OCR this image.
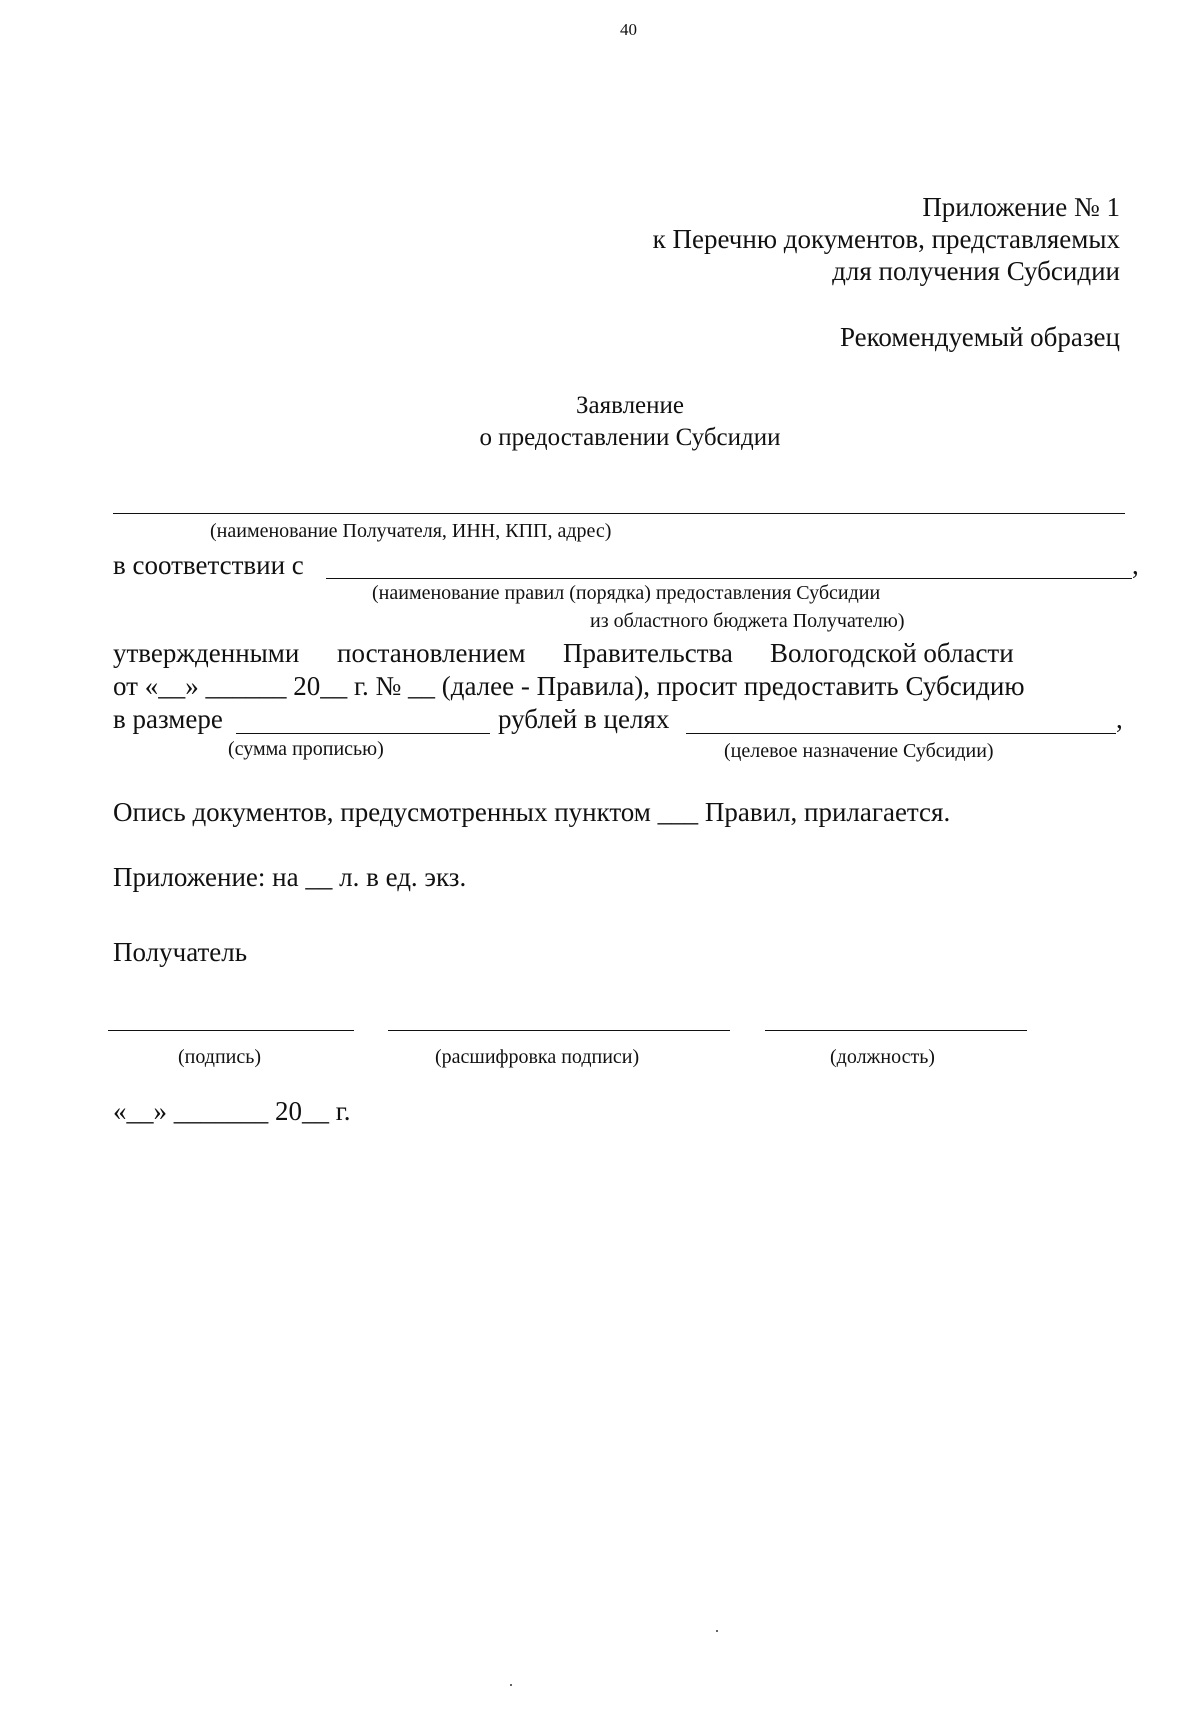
40
Приложение № 1
к Перечню документов, представляемых
для получения Субсидии
Рекомендуемый образец
Заявление
о предоставлении Субсидии
(наименование Получателя, ИНН, КПП, адрес)
в соответствии с	,
(наименование правил (порядка) предоставления Субсидии
из областного бюджета Получателю)
утвержденными постановлением Правительства Вологодской области
от «__» ______ 20__ г. № __ (далее - Правила), просит предоставить Субсидию
в размере	рублей в целях	,
(сумма прописью)	(целевое назначение Субсидии)
Опись документов, предусмотренных пунктом ___ Правил, прилагается.
Приложение: на __ л. в ед. экз.
Получатель
(подпись)	(расшифровка подписи)	(должность)
«__» _______ 20__ г.
